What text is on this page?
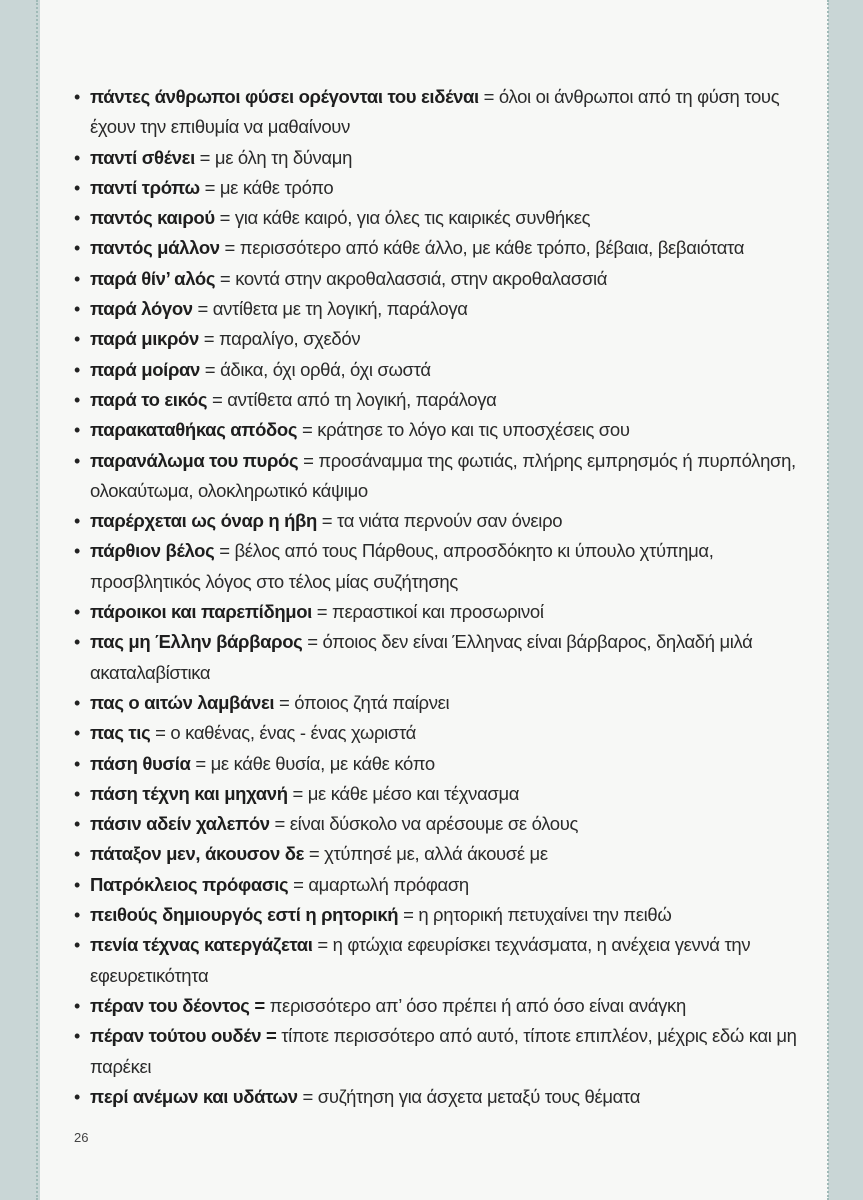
• πάντες άνθρωποι φύσει ορέγονται του ειδέναι = όλοι οι άνθρωποι από τη φύση τους έχουν την επιθυμία να μαθαίνουν
• παντί σθένει = με όλη τη δύναμη
• παντί τρόπω = με κάθε τρόπο
• παντός καιρού = για κάθε καιρό, για όλες τις καιρικές συνθήκες
• παντός μάλλον = περισσότερο από κάθε άλλο, με κάθε τρόπο, βέβαια, βεβαιότατα
• παρά θίν’ αλός = κοντά στην ακροθαλασσιά, στην ακροθαλασσιά
• παρά λόγον = αντίθετα με τη λογική, παράλογα
• παρά μικρόν = παραλίγο, σχεδόν
• παρά μοίραν = άδικα, όχι ορθά, όχι σωστά
• παρά το εικός = αντίθετα από τη λογική, παράλογα
• παρακαταθήκας απόδος = κράτησε το λόγο και τις υποσχέσεις σου
• παρανάλωμα του πυρός = προσάναμμα της φωτιάς, πλήρης εμπρησμός ή πυρπόληση, ολοκαύτωμα, ολοκληρωτικό κάψιμο
• παρέρχεται ως όναρ η ήβη = τα νιάτα περνούν σαν όνειρο
• πάρθιον βέλος = βέλος από τους Πάρθους, απροσδόκητο κι ύπουλο χτύπημα, προσβλητικός λόγος στο τέλος μίας συζήτησης
• πάροικοι και παρεπίδημοι = περαστικοί και προσωρινοί
• πας μη Έλλην βάρβαρος = όποιος δεν είναι Έλληνας είναι βάρβαρος, δηλαδή μιλά ακαταλαβίστικα
• πας ο αιτών λαμβάνει = όποιος ζητά παίρνει
• πας τις = ο καθένας, ένας - ένας χωριστά
• πάση θυσία = με κάθε θυσία, με κάθε κόπο
• πάση τέχνη και μηχανή = με κάθε μέσο και τέχνασμα
• πάσιν αδείν χαλεπόν = είναι δύσκολο να αρέσουμε σε όλους
• πάταξον μεν, άκουσον δε = χτύπησέ με, αλλά άκουσέ με
• Πατρόκλειος πρόφασις = αμαρτωλή πρόφαση
• πειθούς δημιουργός εστί η ρητορική = η ρητορική πετυχαίνει την πειθώ
• πενία τέχνας κατεργάζεται = η φτώχια εφευρίσκει τεχνάσματα, η ανέχεια γεννά την εφευρετικότητα
• πέραν του δέοντος = περισσότερο απ’ όσο πρέπει ή από όσο είναι ανάγκη
• πέραν τούτου ουδέν = τίποτε περισσότερο από αυτό, τίποτε επιπλέον, μέχρις εδώ και μη παρέκει
• περί ανέμων και υδάτων = συζήτηση για άσχετα μεταξύ τους θέματα
26
